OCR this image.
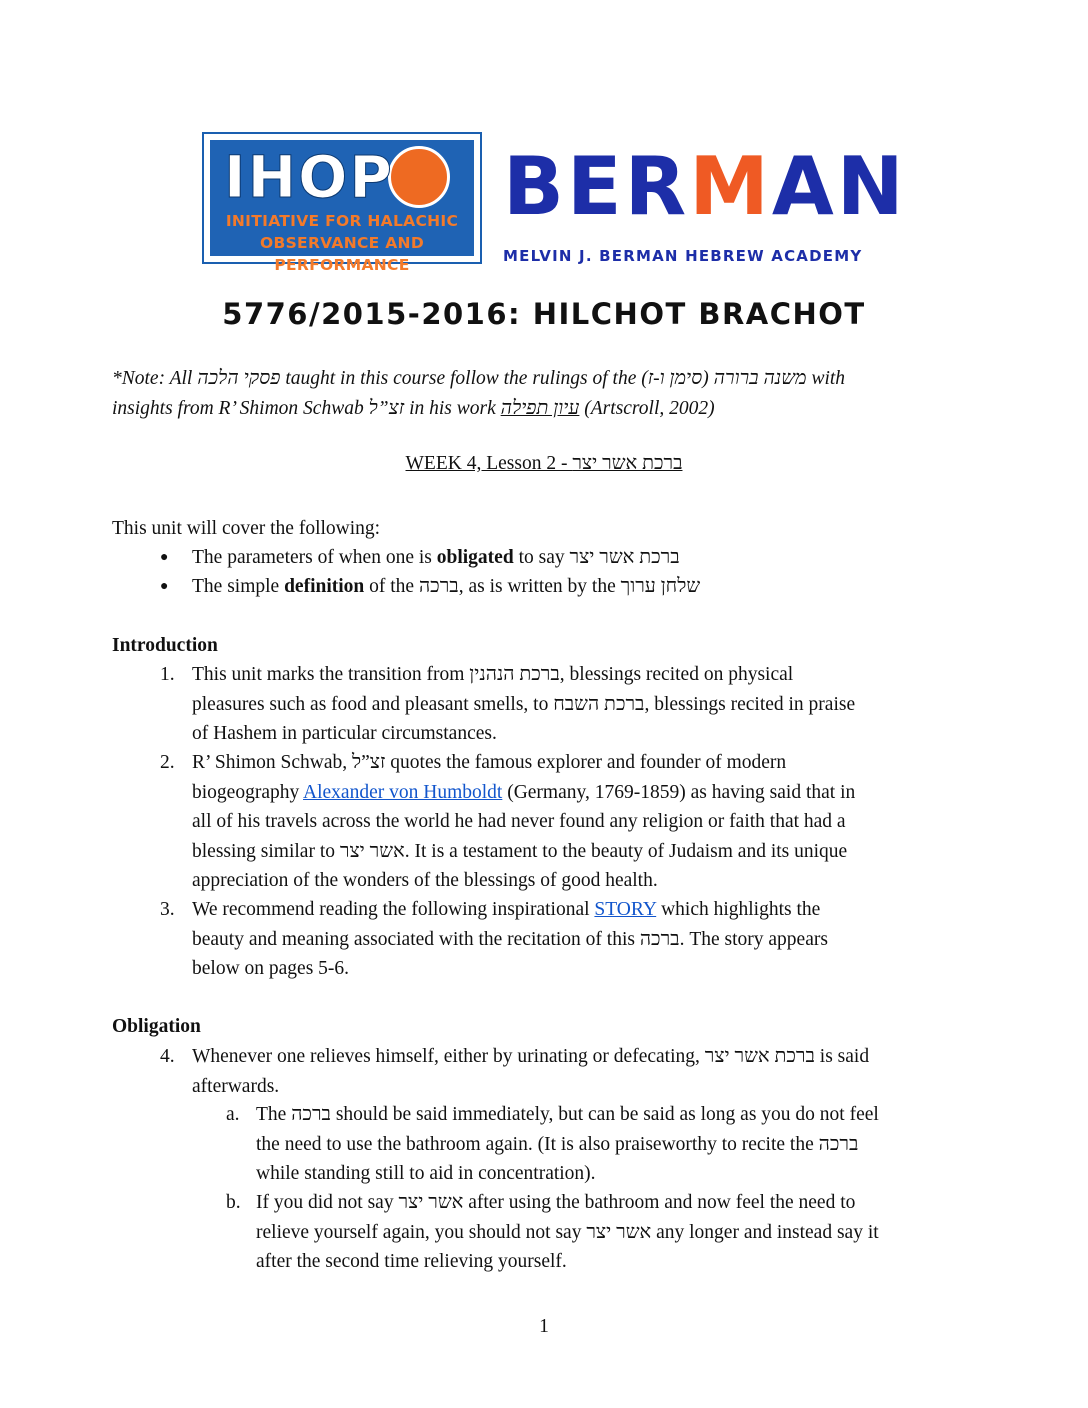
IHOP
INITIATIVE FOR HALACHIC
OBSERVANCE AND PERFORMANCE
BERMAN
MELVIN J. BERMAN HEBREW ACADEMY
5776/2015-2016: HILCHOT BRACHOT
*Note: All פסקי הלכה taught in this course follow the rulings of the משנה ברורה (סימן ו-ז) with
insights from R’ Shimon Schwab זצ”ל in his work עיון תפילה (Artscroll, 2002)
WEEK 4, Lesson 2 - ברכת אשר יצר
This unit will cover the following:
● The parameters of when one is obligated to say ברכת אשר יצר
● The simple definition of the ברכה, as is written by the שלחן ערוך
Introduction
1. This unit marks the transition from ברכת הנהנין, blessings recited on physical
pleasures such as food and pleasant smells, to ברכת השבח, blessings recited in praise
of Hashem in particular circumstances.
2. R’ Shimon Schwab, זצ”ל quotes the famous explorer and founder of modern
biogeography Alexander von Humboldt (Germany, 1769-1859) as having said that in
all of his travels across the world he had never found any religion or faith that had a
blessing similar to אשר יצר. It is a testament to the beauty of Judaism and its unique
appreciation of the wonders of the blessings of good health.
3. We recommend reading the following inspirational STORY which highlights the
beauty and meaning associated with the recitation of this ברכה. The story appears
below on pages 5-6.
Obligation
4. Whenever one relieves himself, either by urinating or defecating, ברכת אשר יצר is said
afterwards.
a. The ברכה should be said immediately, but can be said as long as you do not feel
the need to use the bathroom again. (It is also praiseworthy to recite the ברכה
while standing still to aid in concentration).
b. If you did not say אשר יצר after using the bathroom and now feel the need to
relieve yourself again, you should not say אשר יצר any longer and instead say it
after the second time relieving yourself.
1
